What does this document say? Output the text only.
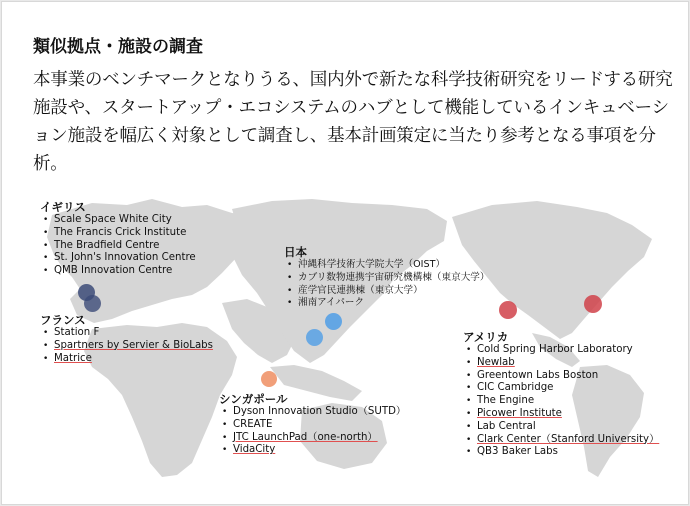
類似拠点・施設の調査
本事業のベンチマークとなりうる、国内外で新たな科学技術研究をリードする研究施設や、スタートアップ・エコシステムのハブとして機能しているインキュベーション施設を幅広く対象として調査し、基本計画策定に当たり参考となる事項を分析。
イギリス
• Scale Space White City
• The Francis Crick Institute
• The Bradfield Centre
• St. John's Innovation Centre
• QMB Innovation Centre
フランス
• Station F
• Spartners by Servier & BioLabs
• Matrice
日本
• 沖縄科学技術大学院大学（OIST）
• カブリ数物連携宇宙研究機構棟（東京大学）
• 産学官民連携棟（東京大学）
• 湘南アイパーク
シンガポール
• Dyson Innovation Studio（SUTD）
• CREATE
• JTC LaunchPad（one-north）
• VidaCity
アメリカ
• Cold Spring Harbor Laboratory
• Newlab
• Greentown Labs Boston
• CIC Cambridge
• The Engine
• Picower Institute
• Lab Central
• Clark Center（Stanford University）
• QB3 Baker Labs
